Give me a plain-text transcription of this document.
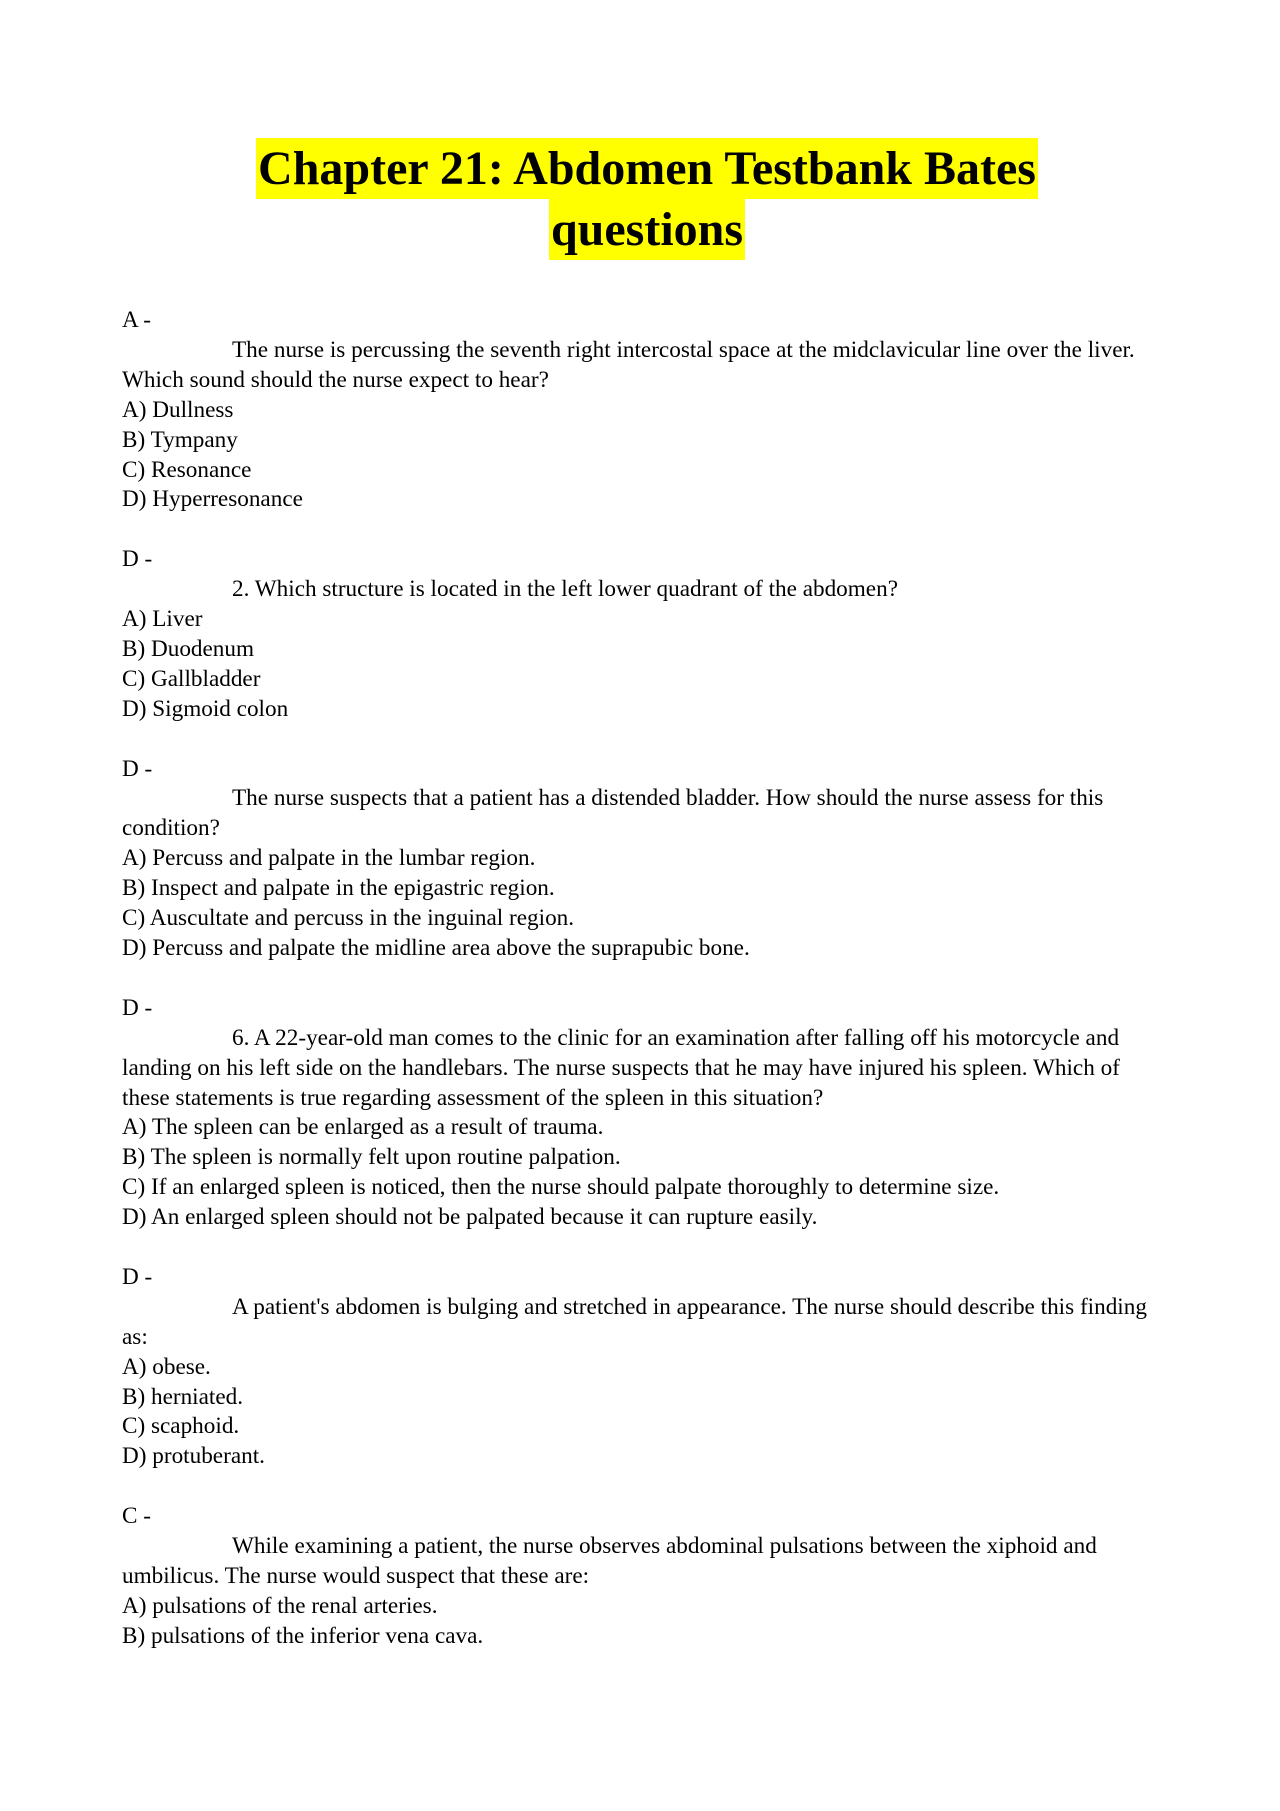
Chapter 21: Abdomen Testbank Bates
questions
A -
The nurse is percussing the seventh right intercostal space at the midclavicular line over the liver. Which sound should the nurse expect to hear?
A) Dullness
B) Tympany
C) Resonance
D) Hyperresonance
D -
2. Which structure is located in the left lower quadrant of the abdomen?
A) Liver
B) Duodenum
C) Gallbladder
D) Sigmoid colon
D -
The nurse suspects that a patient has a distended bladder. How should the nurse assess for this condition?
A) Percuss and palpate in the lumbar region.
B) Inspect and palpate in the epigastric region.
C) Auscultate and percuss in the inguinal region.
D) Percuss and palpate the midline area above the suprapubic bone.
D -
6. A 22-year-old man comes to the clinic for an examination after falling off his motorcycle and landing on his left side on the handlebars. The nurse suspects that he may have injured his spleen. Which of these statements is true regarding assessment of the spleen in this situation?
A) The spleen can be enlarged as a result of trauma.
B) The spleen is normally felt upon routine palpation.
C) If an enlarged spleen is noticed, then the nurse should palpate thoroughly to determine size.
D) An enlarged spleen should not be palpated because it can rupture easily.
D -
A patient's abdomen is bulging and stretched in appearance. The nurse should describe this finding as:
A) obese.
B) herniated.
C) scaphoid.
D) protuberant.
C -
While examining a patient, the nurse observes abdominal pulsations between the xiphoid and umbilicus. The nurse would suspect that these are:
A) pulsations of the renal arteries.
B) pulsations of the inferior vena cava.
